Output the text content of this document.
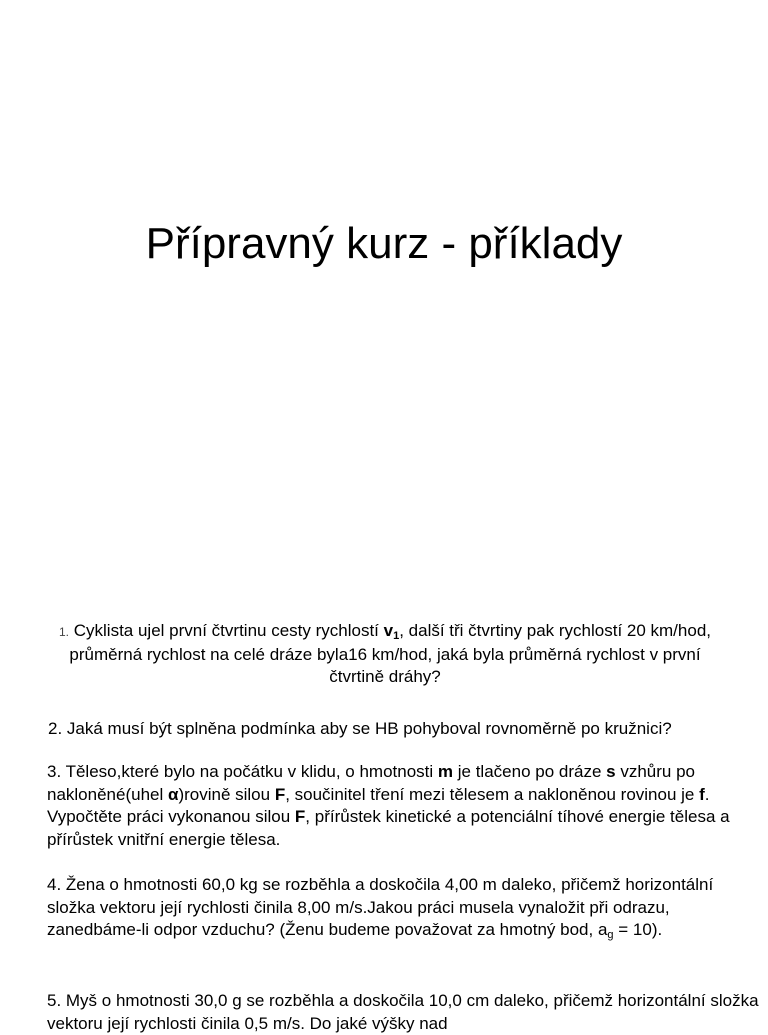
Přípravný kurz - příklady

1. Cyklista ujel první čtvrtinu cesty rychlostí $v_1$, další tři čtvrtiny pak rychlostí 20 km/hod, průměrná rychlost na celé dráze byla16 km/hod, jaká byla průměrná rychlost v první čtvrtině dráhy?

2. Jaká musí být splněna podmínka aby se HB pohyboval rovnoměrně po kružnici?

3. Těleso,které bylo na počátku v klidu, o hmotnosti m je tlačeno po dráze s vzhůru po nakloněné(uhel α)rovině silou F, součinitel tření mezi tělesem a nakloněnou rovinou je f. Vypočtěte práci vykonanou silou F, přírůstek kinetické a potenciální tíhové energie tělesa a přírůstek vnitřní energie tělesa.

4. Žena o hmotnosti 60,0 kg se rozběhla a doskočila 4,00 m daleko, přičemž horizontální složka vektoru její rychlosti činila 8,00 m/s.Jakou práci musela vynaložit při odrazu, zanedbáme-li odpor vzduchu? (Ženu budeme považovat za hmotný bod, $a_g = 10$).

5. Myš o hmotnosti 30,0 g se rozběhla a doskočila 10,0 cm daleko, přičemž horizontální složka vektoru její rychlosti činila 0,5 m/s. Do jaké výšky nad
